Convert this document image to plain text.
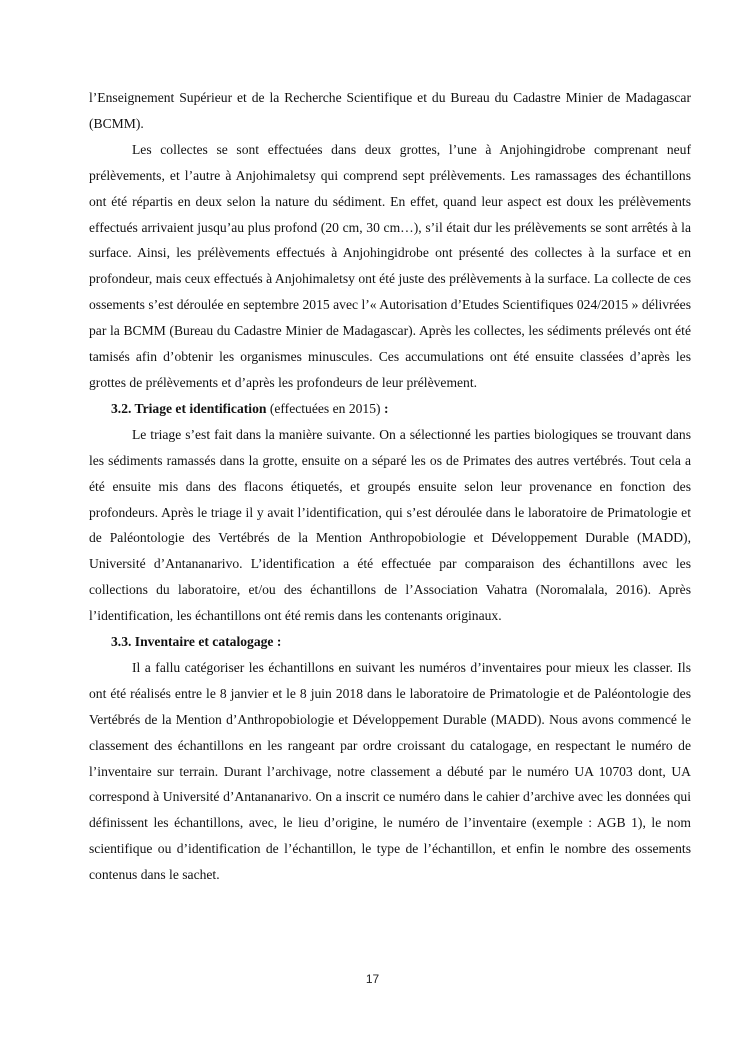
l’Enseignement Supérieur et de la Recherche Scientifique et du Bureau du Cadastre Minier de Madagascar (BCMM).

Les collectes se sont effectuées dans deux grottes, l’une à Anjohingidrobe comprenant neuf prélèvements, et l’autre à Anjohimaletsy qui comprend sept prélèvements. Les ramassages des échantillons ont été répartis en deux selon la nature du sédiment. En effet, quand leur aspect est doux les prélèvements effectués arrivaient jusqu’au plus profond (20 cm, 30 cm…), s’il était dur les prélèvements se sont arrêtés à la surface. Ainsi, les prélèvements effectués à Anjohingidrobe ont présenté des collectes à la surface et en profondeur, mais ceux effectués à Anjohimaletsy ont été juste des prélèvements à la surface. La collecte de ces ossements s’est déroulée en septembre 2015 avec l’« Autorisation d’Etudes Scientifiques 024/2015 » délivrées par la BCMM (Bureau du Cadastre Minier de Madagascar). Après les collectes, les sédiments prélevés ont été tamisés afin d’obtenir les organismes minuscules. Ces accumulations ont été ensuite classées d’après les grottes de prélèvements et d’après les profondeurs de leur prélèvement.

3.2. Triage et identification (effectuées en 2015) :

Le triage s’est fait dans la manière suivante. On a sélectionné les parties biologiques se trouvant dans les sédiments ramassés dans la grotte, ensuite on a séparé les os de Primates des autres vertébrés. Tout cela a été ensuite mis dans des flacons étiquetés, et groupés ensuite selon leur provenance en fonction des profondeurs. Après le triage il y avait l’identification, qui s’est déroulée dans le laboratoire de Primatologie et de Paléontologie des Vertébrés de la Mention Anthropobiologie et Développement Durable (MADD), Université d’Antananarivo. L’identification a été effectuée par comparaison des échantillons avec les collections du laboratoire, et/ou des échantillons de l’Association Vahatra (Noromalala, 2016). Après l’identification, les échantillons ont été remis dans les contenants originaux.

3.3. Inventaire et catalogage :

Il a fallu catégoriser les échantillons en suivant les numéros d’inventaires pour mieux les classer. Ils ont été réalisés entre le 8 janvier et le 8 juin 2018 dans le laboratoire de Primatologie et de Paléontologie des Vertébrés de la Mention d’Anthropobiologie et Développement Durable (MADD). Nous avons commencé le classement des échantillons en les rangeant par ordre croissant du catalogage, en respectant le numéro de l’inventaire sur terrain. Durant l’archivage, notre classement a débuté par le numéro UA 10703 dont, UA correspond à Université d’Antananarivo. On a inscrit ce numéro dans le cahier d’archive avec les données qui définissent les échantillons, avec, le lieu d’origine, le numéro de l’inventaire (exemple : AGB 1), le nom scientifique ou d’identification de l’échantillon, le type de l’échantillon, et enfin le nombre des ossements contenus dans le sachet.

17
